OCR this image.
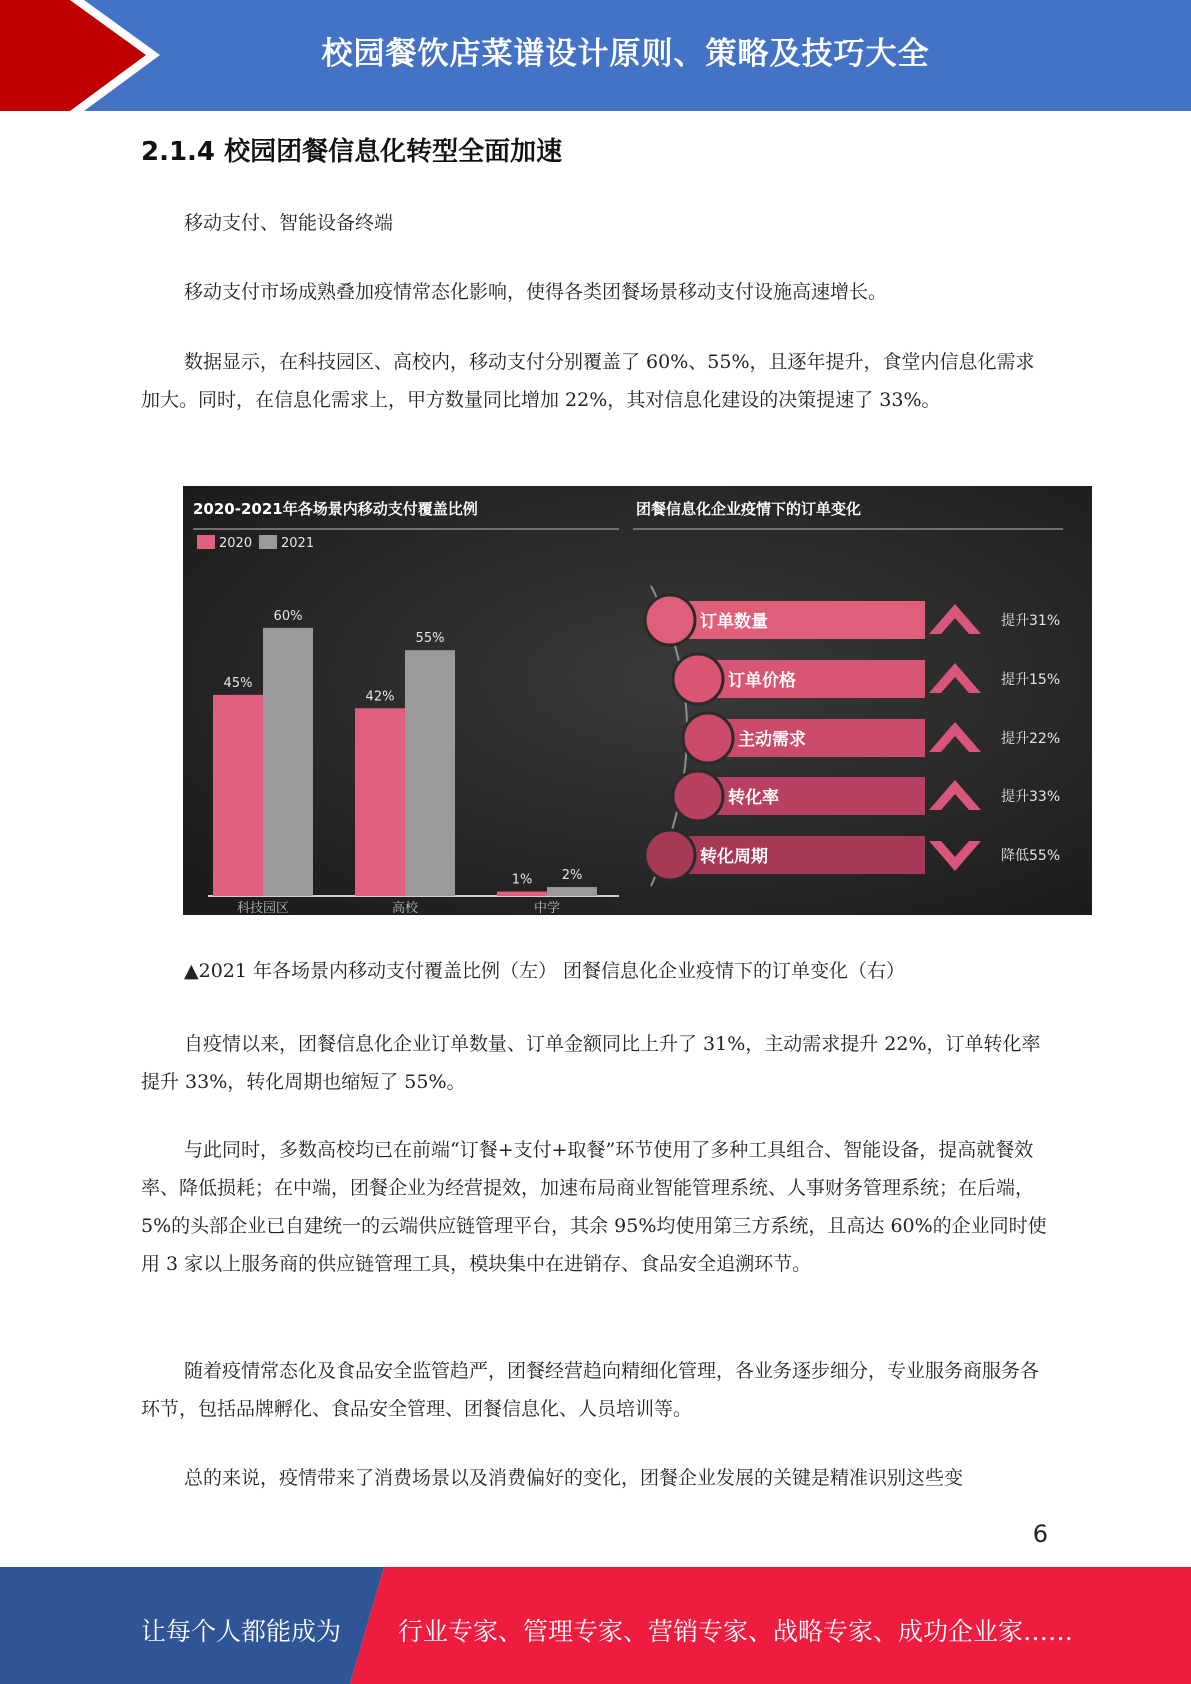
校园餐饮店菜谱设计原则、策略及技巧大全
2.1.4 校园团餐信息化转型全面加速
移动支付、智能设备终端
移动支付市场成熟叠加疫情常态化影响，使得各类团餐场景移动支付设施高速增长。
数据显示，在科技园区、高校内，移动支付分别覆盖了 60%、55%，且逐年提升，食堂内信息化需求加大。同时，在信息化需求上，甲方数量同比增加 22%，其对信息化建设的决策提速了 33%。
2020-2021年各场景内移动支付覆盖比例
2020 2021
45%
60%
科技园区
42%
55%
高校
1% 2%
中学
团餐信息化企业疫情下的订单变化
订单数量	提升31%
订单价格	提升15%
主动需求	提升22%
转化率	提升33%
转化周期	降低55%
▲2021 年各场景内移动支付覆盖比例（左） 团餐信息化企业疫情下的订单变化（右）
自疫情以来，团餐信息化企业订单数量、订单金额同比上升了 31%，主动需求提升 22%，订单转化率提升 33%，转化周期也缩短了 55%。
与此同时，多数高校均已在前端“订餐+支付+取餐”环节使用了多种工具组合、智能设备，提高就餐效率、降低损耗；在中端，团餐企业为经营提效，加速布局商业智能管理系统、人事财务管理系统；在后端，5%的头部企业已自建统一的云端供应链管理平台，其余 95%均使用第三方系统，且高达 60%的企业同时使用 3 家以上服务商的供应链管理工具，模块集中在进销存、食品安全追溯环节。
随着疫情常态化及食品安全监管趋严，团餐经营趋向精细化管理，各业务逐步细分，专业服务商服务各环节，包括品牌孵化、食品安全管理、团餐信息化、人员培训等。
总的来说，疫情带来了消费场景以及消费偏好的变化，团餐企业发展的关键是精准识别这些变
6
让每个人都能成为 行业专家、管理专家、营销专家、战略专家、成功企业家……
